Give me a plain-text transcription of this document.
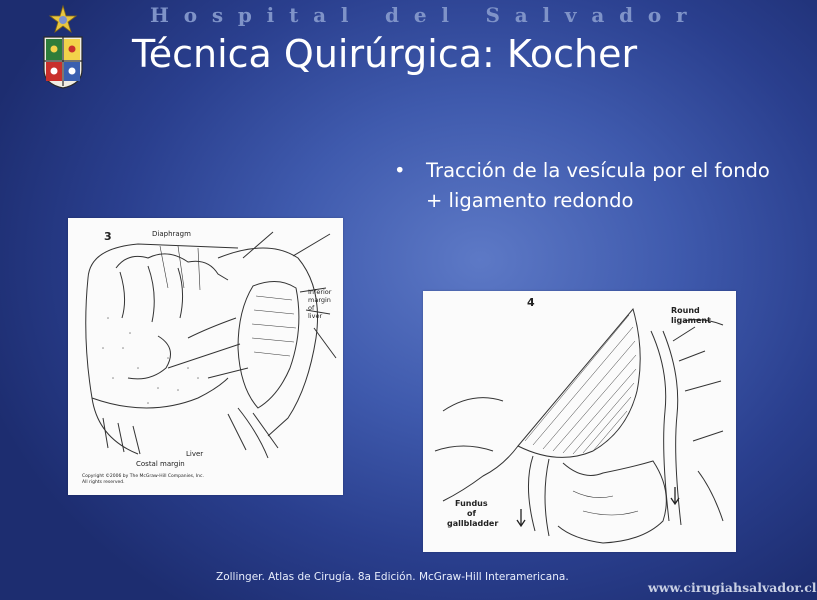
Hospital del Salvador
Técnica Quirúrgica: Kocher
• Tracción de la vesícula por el fondo + ligamento redondo
3	Diaphragm
Inferior
margin
of
liver
Liver
Costal margin
Copyright ©2006 by The McGraw-Hill Companies, Inc.
All rights reserved.
4
Round
ligament
Fundus
of
gallbladder
Zollinger. Atlas de Cirugía. 8a Edición. McGraw-Hill Interamericana.
www.cirugiahsalvador.cl
